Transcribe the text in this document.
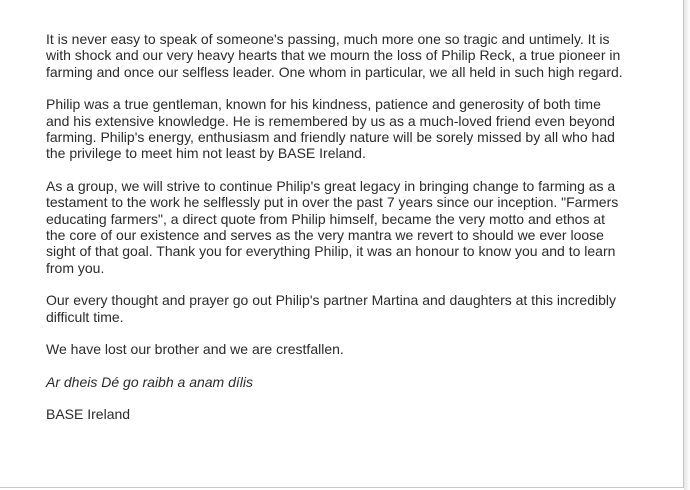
It is never easy to speak of someone's passing, much more one so tragic and untimely. It is with shock and our very heavy hearts that we mourn the loss of Philip Reck, a true pioneer in farming and once our selfless leader. One whom in particular, we all held in such high regard.

Philip was a true gentleman, known for his kindness, patience and generosity of both time and his extensive knowledge. He is remembered by us as a much-loved friend even beyond farming. Philip's energy, enthusiasm and friendly nature will be sorely missed by all who had the privilege to meet him not least by BASE Ireland.

As a group, we will strive to continue Philip's great legacy in bringing change to farming as a testament to the work he selflessly put in over the past 7 years since our inception. "Farmers educating farmers", a direct quote from Philip himself, became the very motto and ethos at the core of our existence and serves as the very mantra we revert to should we ever loose sight of that goal. Thank you for everything Philip, it was an honour to know you and to learn from you.

Our every thought and prayer go out Philip's partner Martina and daughters at this incredibly difficult time.

We have lost our brother and we are crestfallen.

Ar dheis Dé go raibh a anam dílis

BASE Ireland
